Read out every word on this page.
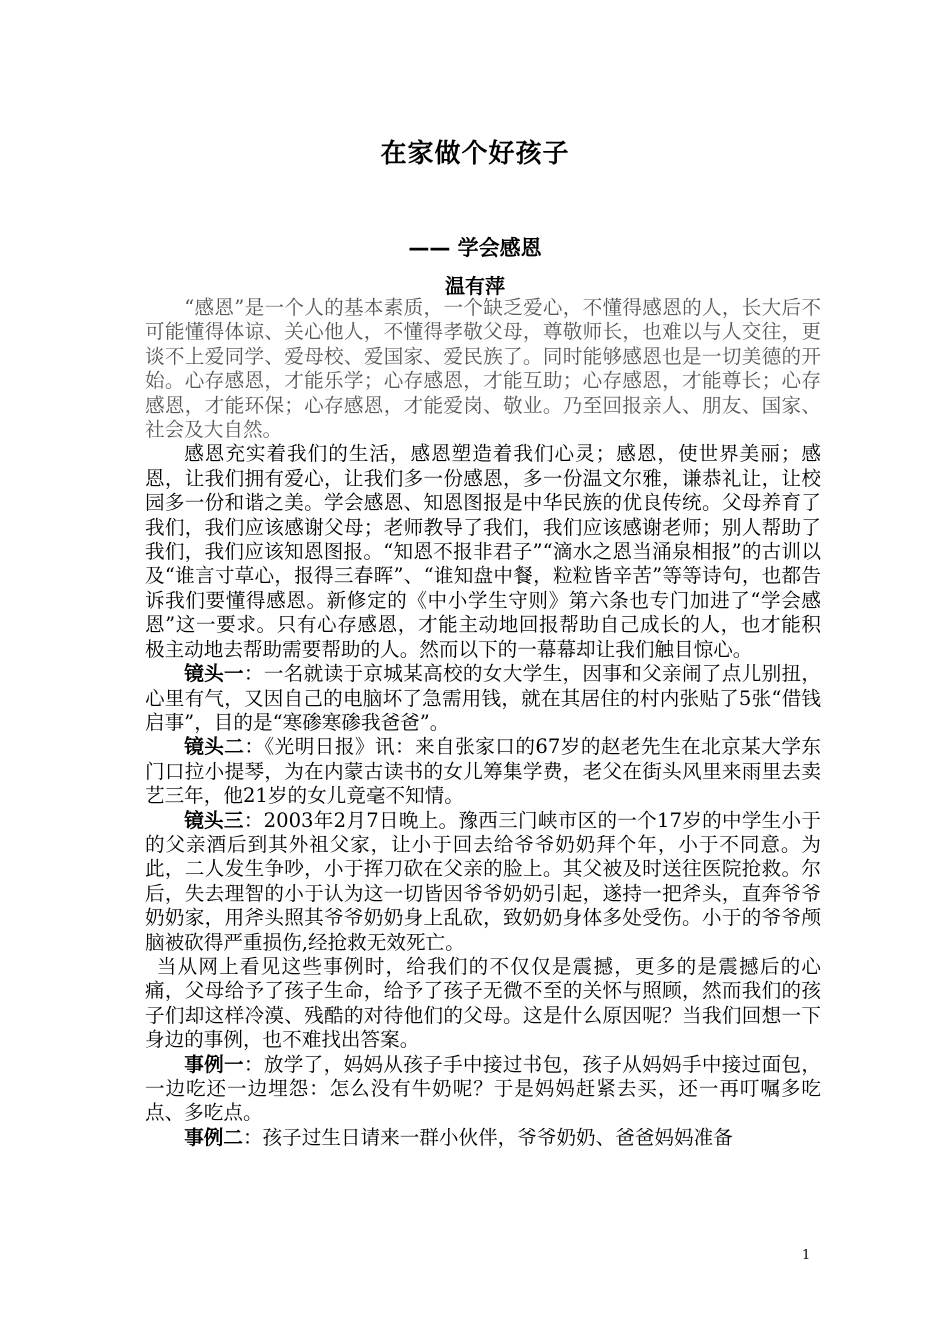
在家做个好孩子
—— 学会感恩
温有萍

“感恩”是一个人的基本素质，一个缺乏爱心，不懂得感恩的人，长大后不可能懂得体谅、关心他人，不懂得孝敬父母，尊敬师长，也难以与人交往，更谈不上爱同学、爱母校、爱国家、爱民族了。同时能够感恩也是一切美德的开始。心存感恩，才能乐学；心存感恩，才能互助；心存感恩，才能尊长；心存感恩，才能环保；心存感恩，才能爱岗、敬业。乃至回报亲人、朋友、国家、社会及大自然。

感恩充实着我们的生活，感恩塑造着我们心灵；感恩，使世界美丽；感恩，让我们拥有爱心，让我们多一份感恩，多一份温文尔雅，谦恭礼让，让校园多一份和谐之美。学会感恩、知恩图报是中华民族的优良传统。父母养育了我们，我们应该感谢父母；老师教导了我们，我们应该感谢老师；别人帮助了我们，我们应该知恩图报。“知恩不报非君子”“滴水之恩当涌泉相报”的古训以及“谁言寸草心，报得三春晖”、“谁知盘中餐，粒粒皆辛苦”等等诗句，也都告诉我们要懂得感恩。新修定的《中小学生守则》第六条也专门加进了“学会感恩”这一要求。只有心存感恩，才能主动地回报帮助自己成长的人，也才能积极主动地去帮助需要帮助的人。然而以下的一幕幕却让我们触目惊心。

镜头一：一名就读于京城某高校的女大学生，因事和父亲闹了点儿别扭，心里有气，又因自己的电脑坏了急需用钱，就在其居住的村内张贴了5张“借钱启事”，目的是“寒碜寒碜我爸爸”。

镜头二：《光明日报》讯：来自张家口的67岁的赵老先生在北京某大学东门口拉小提琴，为在内蒙古读书的女儿筹集学费，老父在街头风里来雨里去卖艺三年，他21岁的女儿竟毫不知情。

镜头三：2003年2月7日晚上。豫西三门峡市区的一个17岁的中学生小于的父亲酒后到其外祖父家，让小于回去给爷爷奶奶拜个年，小于不同意。为此，二人发生争吵，小于挥刀砍在父亲的脸上。其父被及时送往医院抢救。尔后，失去理智的小于认为这一切皆因爷爷奶奶引起，遂持一把斧头，直奔爷爷奶奶家，用斧头照其爷爷奶奶身上乱砍，致奶奶身体多处受伤。小于的爷爷颅脑被砍得严重损伤,经抢救无效死亡。

当从网上看见这些事例时，给我们的不仅仅是震撼，更多的是震撼后的心痛，父母给予了孩子生命，给予了孩子无微不至的关怀与照顾，然而我们的孩子们却这样冷漠、残酷的对待他们的父母。这是什么原因呢？当我们回想一下身边的事例，也不难找出答案。

事例一：放学了，妈妈从孩子手中接过书包，孩子从妈妈手中接过面包，一边吃还一边埋怨：怎么没有牛奶呢？于是妈妈赶紧去买，还一再叮嘱多吃点、多吃点。

事例二：孩子过生日请来一群小伙伴，爷爷奶奶、爸爸妈妈准备

1
